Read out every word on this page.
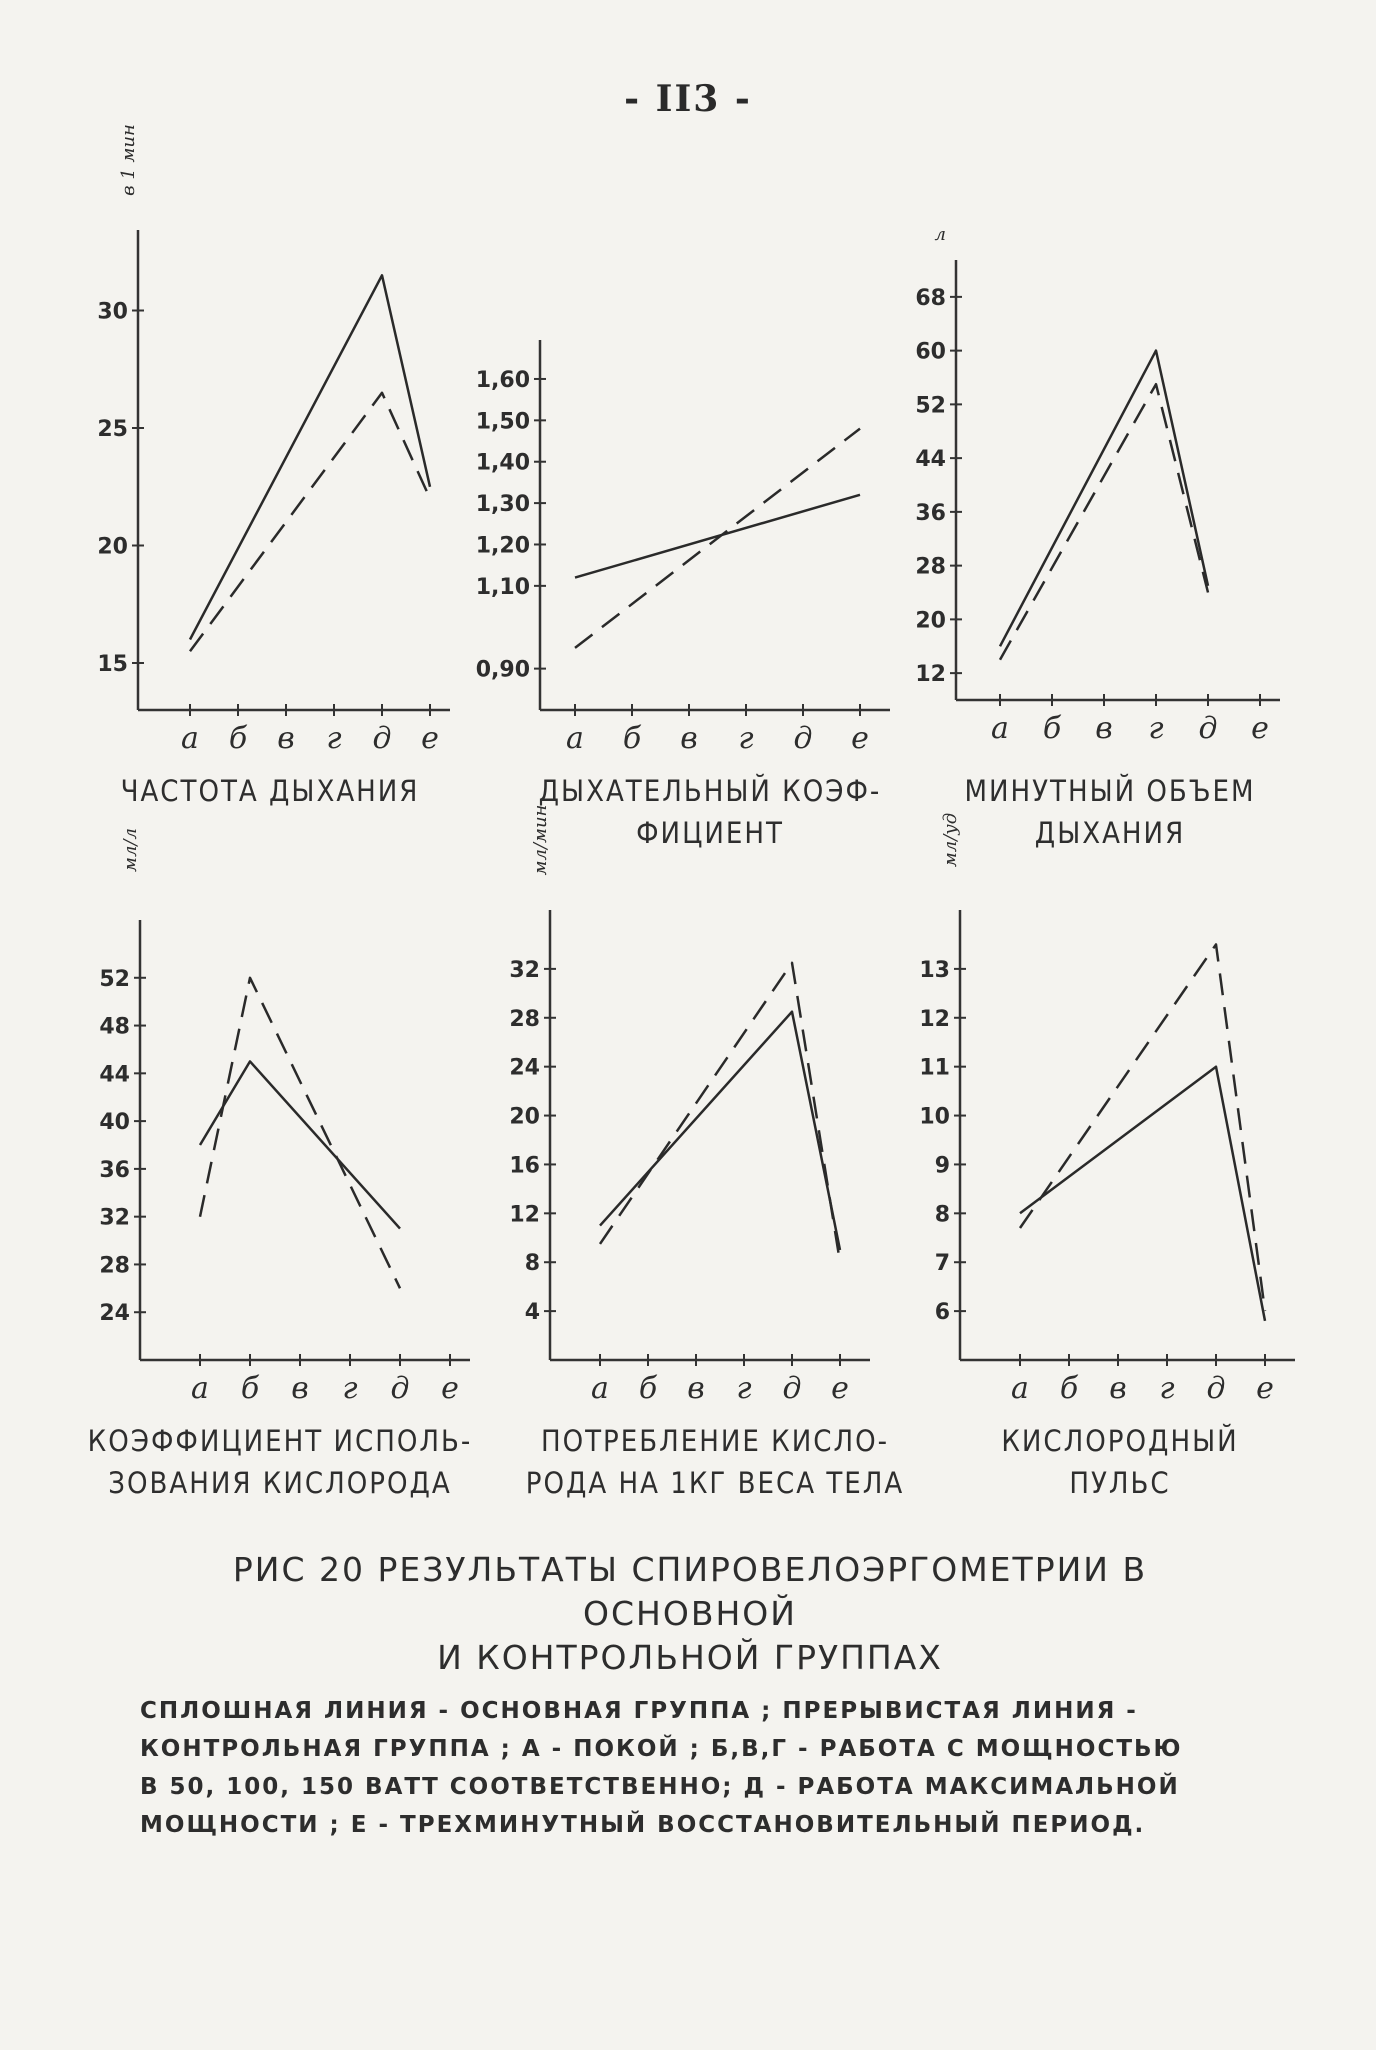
- II3 -
а б в г д е
15
20
25
30
в 1 мин
ЧАСТОТА ДЫХАНИЯ
а б в г д е
0,90
1,10
1,20
1,30
1,40
1,50
1,60
ДЫХАТЕЛЬНЫЙ КОЭФ-
ФИЦИЕНТ
а б в г д е
12
20
28
36
44
52
60
68
л
МИНУТНЫЙ ОБЪЕМ
ДЫХАНИЯ
а б в г д е
24
28
32
36
40
44
48
52
мл/л
КОЭФФИЦИЕНТ ИСПОЛЬ-
ЗОВАНИЯ КИСЛОРОДА
а б в г д е
4
8
12
16
20
24
28
32
мл/мин
ПОТРЕБЛЕНИЕ КИСЛО-
РОДА НА 1КГ ВЕСА ТЕЛА
а б в г д е
6
7
8
9
10
11
12
13
мл/уд
КИСЛОРОДНЫЙ
ПУЛЬС
РИС 20 РЕЗУЛЬТАТЫ СПИРОВЕЛОЭРГОМЕТРИИ В ОСНОВНОЙ
И КОНТРОЛЬНОЙ ГРУППАХ
СПЛОШНАЯ ЛИНИЯ - ОСНОВНАЯ ГРУППА ; ПРЕРЫВИСТАЯ ЛИНИЯ -
КОНТРОЛЬНАЯ ГРУППА ; А - ПОКОЙ ; Б,В,Г - РАБОТА С МОЩНОСТЬЮ
В 50, 100, 150 ВАТТ СООТВЕТСТВЕННО; Д - РАБОТА МАКСИМАЛЬНОЙ
МОЩНОСТИ ; Е - ТРЕХМИНУТНЫЙ ВОССТАНОВИТЕЛЬНЫЙ ПЕРИОД.
